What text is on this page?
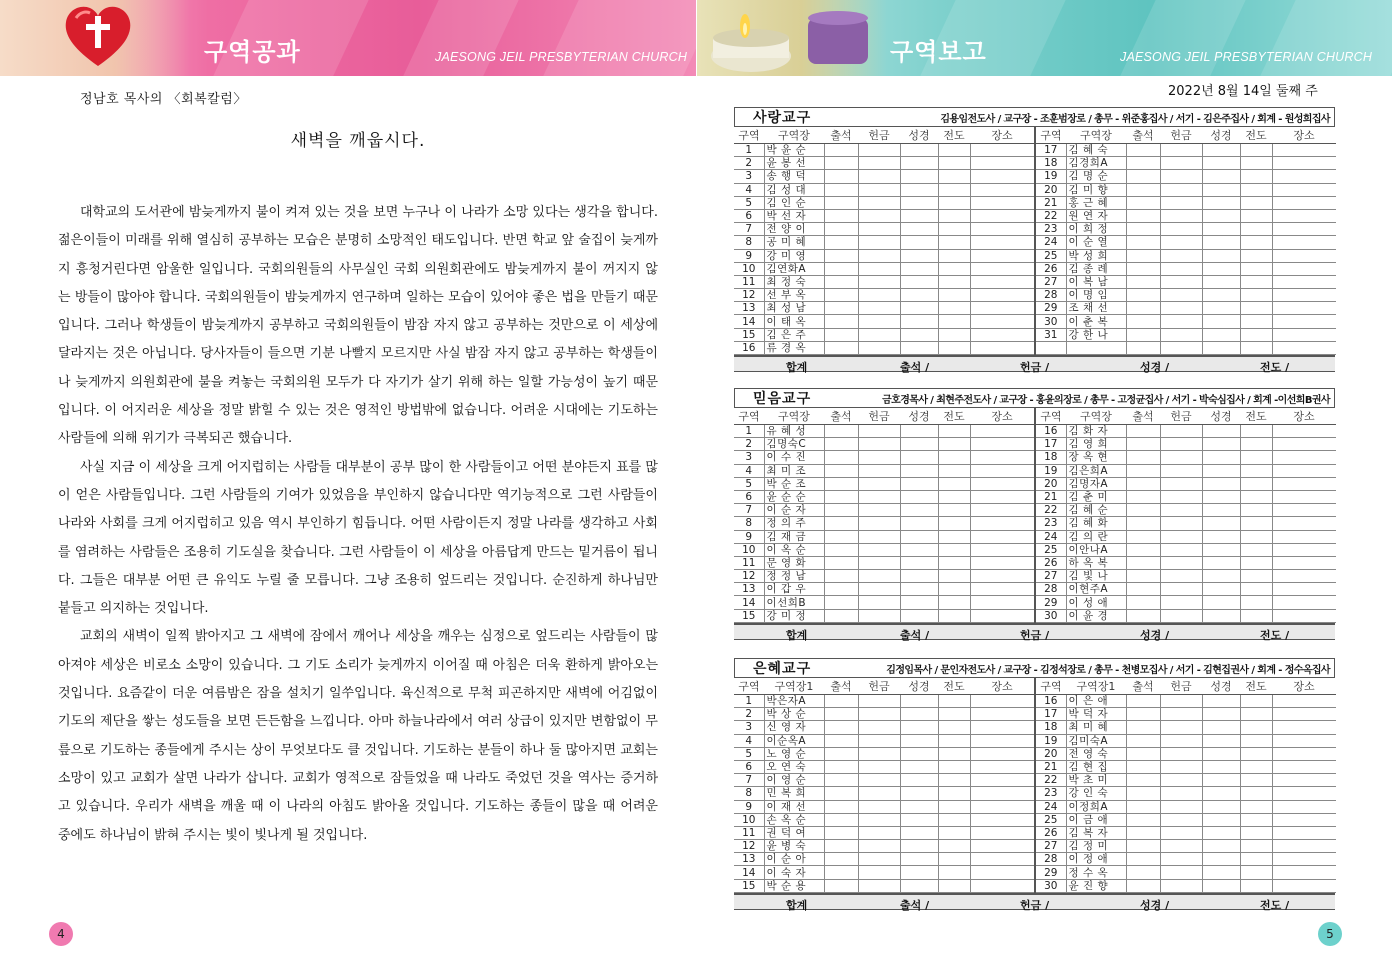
구역공과	JAESONG JEIL PRESBYTERIAN CHURCH	구역보고	JAESONG JEIL PRESBYTERIAN CHURCH
정남호 목사의 〈회복칼럼〉
새벽을 깨웁시다.

대학교의 도서관에 밤늦게까지 불이 켜져 있는 것을 보면 누구나 이 나라가 소망 있다는 생각을 합니다. 젊은이들이 미래를 위해 열심히 공부하는 모습은 분명히 소망적인 태도입니다. 반면 학교 앞 술집이 늦게까지 흥청거린다면 암울한 일입니다. 국회의원들의 사무실인 국회 의원회관에도 밤늦게까지 불이 꺼지지 않는 방들이 많아야 합니다. 국회의원들이 밤늦게까지 연구하며 일하는 모습이 있어야 좋은 법을 만들기 때문입니다. 그러나 학생들이 밤늦게까지 공부하고 국회의원들이 밤잠 자지 않고 공부하는 것만으로 이 세상에 달라지는 것은 아닙니다. 당사자들이 들으면 기분 나빨지 모르지만 사실 밤잠 자지 않고 공부하는 학생들이나 늦게까지 의원회관에 불을 켜놓는 국회의원 모두가 다 자기가 살기 위해 하는 일할 가능성이 높기 때문입니다. 이 어지러운 세상을 정말 밝힐 수 있는 것은 영적인 방법밖에 없습니다. 어려운 시대에는 기도하는 사람들에 의해 위기가 극복되곤 했습니다.

사실 지금 이 세상을 크게 어지럽히는 사람들 대부분이 공부 많이 한 사람들이고 어떤 분야든지 표를 많이 얻은 사람들입니다. 그런 사람들의 기여가 있었음을 부인하지 않습니다만 역기능적으로 그런 사람들이 나라와 사회를 크게 어지럽히고 있음 역시 부인하기 힘듭니다. 어떤 사람이든지 정말 나라를 생각하고 사회를 염려하는 사람들은 조용히 기도실을 찾습니다. 그런 사람들이 이 세상을 아름답게 만드는 밑거름이 됩니다. 그들은 대부분 어떤 큰 유익도 누릴 줄 모릅니다. 그냥 조용히 엎드리는 것입니다. 순진하게 하나님만 붙들고 의지하는 것입니다.

교회의 새벽이 일찍 밝아지고 그 새벽에 잠에서 깨어나 세상을 깨우는 심정으로 엎드리는 사람들이 많아져야 세상은 비로소 소망이 있습니다. 그 기도 소리가 늦게까지 이어질 때 아침은 더욱 환하게 밝아오는 것입니다. 요즘같이 더운 여름밤은 잠을 설치기 일쑤입니다. 육신적으로 무척 피곤하지만 새벽에 어김없이 기도의 제단을 쌓는 성도들을 보면 든든함을 느낍니다. 아마 하늘나라에서 여러 상급이 있지만 변함없이 무릎으로 기도하는 종들에게 주시는 상이 무엇보다도 클 것입니다. 기도하는 분들이 하나 둘 많아지면 교회는 소망이 있고 교회가 살면 나라가 삽니다. 교회가 영적으로 잠들었을 때 나라도 죽었던 것을 역사는 증거하고 있습니다. 우리가 새벽을 깨울 때 이 나라의 아침도 밝아올 것입니다. 기도하는 종들이 많을 때 어려운 중에도 하나님이 밝혀 주시는 빛이 빛나게 될 것입니다.

2022년 8월 14일 둘째 주
사랑교구	김용임전도사 / 교구장 - 조훈범장로 / 총무 - 위준홍집사 / 서기 - 김은주집사 / 회계 - 원성희집사
구역	구역장	출석	헌금	성경	전도	장소
1	박 윤 순					
2	윤 봉 선					
3	송 행 덕					
4	김 성 대					
5	김 인 순					
6	박 선 자					
7	전 양 이					
8	공 미 혜					
9	강 미 영					
10	김연화A					
11	최 정 숙					
12	선 부 옥					
13	최 성 남					
14	이 태 옥					
15	김 은 주					
16	류 경 옥					
구역	구역장	출석	헌금	성경	전도	장소
17	김 혜 숙					
18	김경희A					
19	김 명 순					
20	김 미 향					
21	홍 근 혜					
22	원 연 자					
23	이 희 정					
24	이 순 열					
25	박 성 희					
26	김 종 례					
27	이 복 남					
28	이 명 임					
29	조 채 선					
30	이 춘 복					
31	강 한 나					

합계	출석 /	헌금 /	성경 /	전도 /
믿음교구	금호경목사 / 최현주전도사 / 교구장 - 홍윤의장로 / 총무 - 고정균집사 / 서기 - 박숙심집사 / 회계 -이선희B권사
구역	구역장	출석	헌금	성경	전도	장소
1	유 혜 성					
2	김명숙C					
3	이 수 진					
4	최 미 조					
5	박 순 조					
6	윤 순 순					
7	이 순 자					
8	정 의 주					
9	김 재 금					
10	이 옥 순					
11	문 영 화					
12	정 정 남					
13	이 갑 우					
14	이선희B					
15	강 미 정					
구역	구역장	출석	헌금	성경	전도	장소
16	김 화 자					
17	김 영 희					
18	장 옥 현					
19	김은희A					
20	김명자A					
21	김 춘 미					
22	김 혜 순					
23	김 혜 화					
24	김 의 란					
25	이안나A					
26	하 옥 복					
27	김 빛 나					
28	이현주A					
29	이 성 애					
30	이 윤 경					
합계	출석 /	헌금 /	성경 /	전도 /
은혜교구	김정임목사 / 문인자전도사 / 교구장 - 김정석장로 / 총무 - 천병모집사 / 서기 - 김현집권사 / 회계 - 정수옥집사
구역	구역장1	출석	헌금	성경	전도	장소
1	박은자A					
2	박 상 순					
3	신 영 자					
4	이순옥A					
5	노 영 순					
6	오 연 숙					
7	이 영 순					
8	민 복 희					
9	이 재 선					
10	손 옥 순					
11	권 덕 여					
12	윤 병 숙					
13	이 순 아					
14	이 숙 자					
15	박 순 용					
구역	구역장1	출석	헌금	성경	전도	장소
16	이 은 애					
17	박 덕 자					
18	최 미 혜					
19	김미숙A					
20	전 영 숙					
21	김 현 집					
22	박 초 미					
23	강 인 숙					
24	이정희A					
25	이 금 애					
26	김 복 자					
27	김 정 미					
28	이 정 애					
29	정 수 옥					
30	윤 진 향					
합계	출석 /	헌금 /	성경 /	전도 /
4	5
